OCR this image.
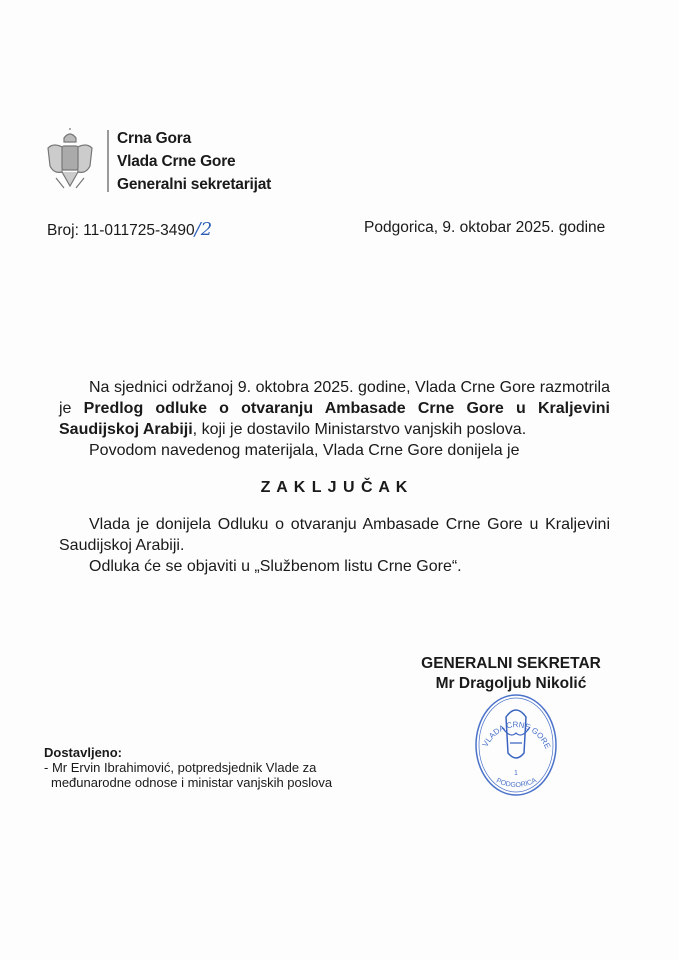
Crna Gora
Vlada Crne Gore
Generalni sekretarijat
Broj: 11-011725-3490/2	Podgorica, 9. oktobar 2025. godine

Na sjednici održanoj 9. oktobra 2025. godine, Vlada Crne Gore razmotrila je Predlog odluke o otvaranju Ambasade Crne Gore u Kraljevini Saudijskoj Arabiji, koji je dostavilo Ministarstvo vanjskih poslova.

Povodom navedenog materijala, Vlada Crne Gore donijela je

Z A K L J U Č A K

Vlada je donijela Odluku o otvaranju Ambasade Crne Gore u Kraljevini Saudijskoj Arabiji.

Odluka će se objaviti u „Službenom listu Crne Gore“.

GENERALNI SEKRETAR
Mr Dragoljub Nikolić
VLADA CRNE GORE
1
PODGORICA
Dostavljeno:
- Mr Ervin Ibrahimović, potpredsjednik Vlade za
međunarodne odnose i ministar vanjskih poslova
